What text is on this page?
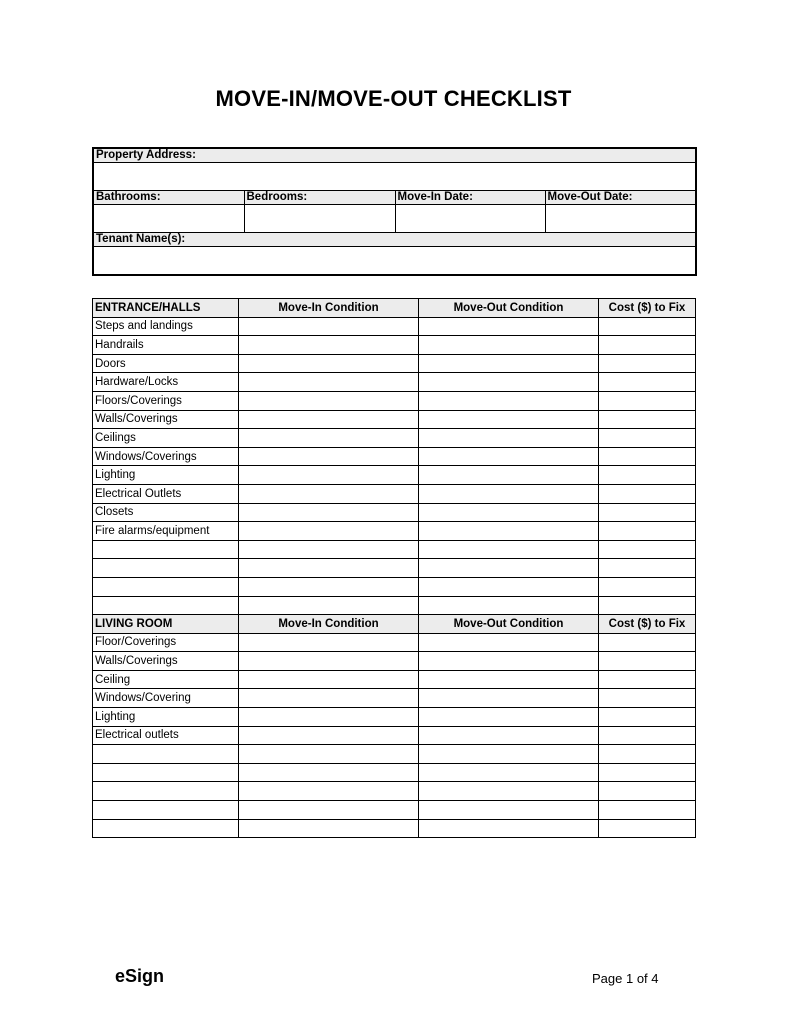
MOVE-IN/MOVE-OUT CHECKLIST
Property Address:			

Bathrooms:	Bedrooms:	Move-In Date:	Move-Out Date:

Tenant Name(s):			

ENTRANCE/HALLS	Move-In Condition	Move-Out Condition	Cost ($) to Fix
Steps and landings			
Handrails			
Doors			
Hardware/Locks			
Floors/Coverings			
Walls/Coverings			
Ceilings			
Windows/Coverings			
Lighting			
Electrical Outlets			
Closets			
Fire alarms/equipment			

LIVING ROOM	Move-In Condition	Move-Out Condition	Cost ($) to Fix
Floor/Coverings			
Walls/Coverings			
Ceiling			
Windows/Covering			
Lighting			
Electrical outlets			

eSign	Page 1 of 4
